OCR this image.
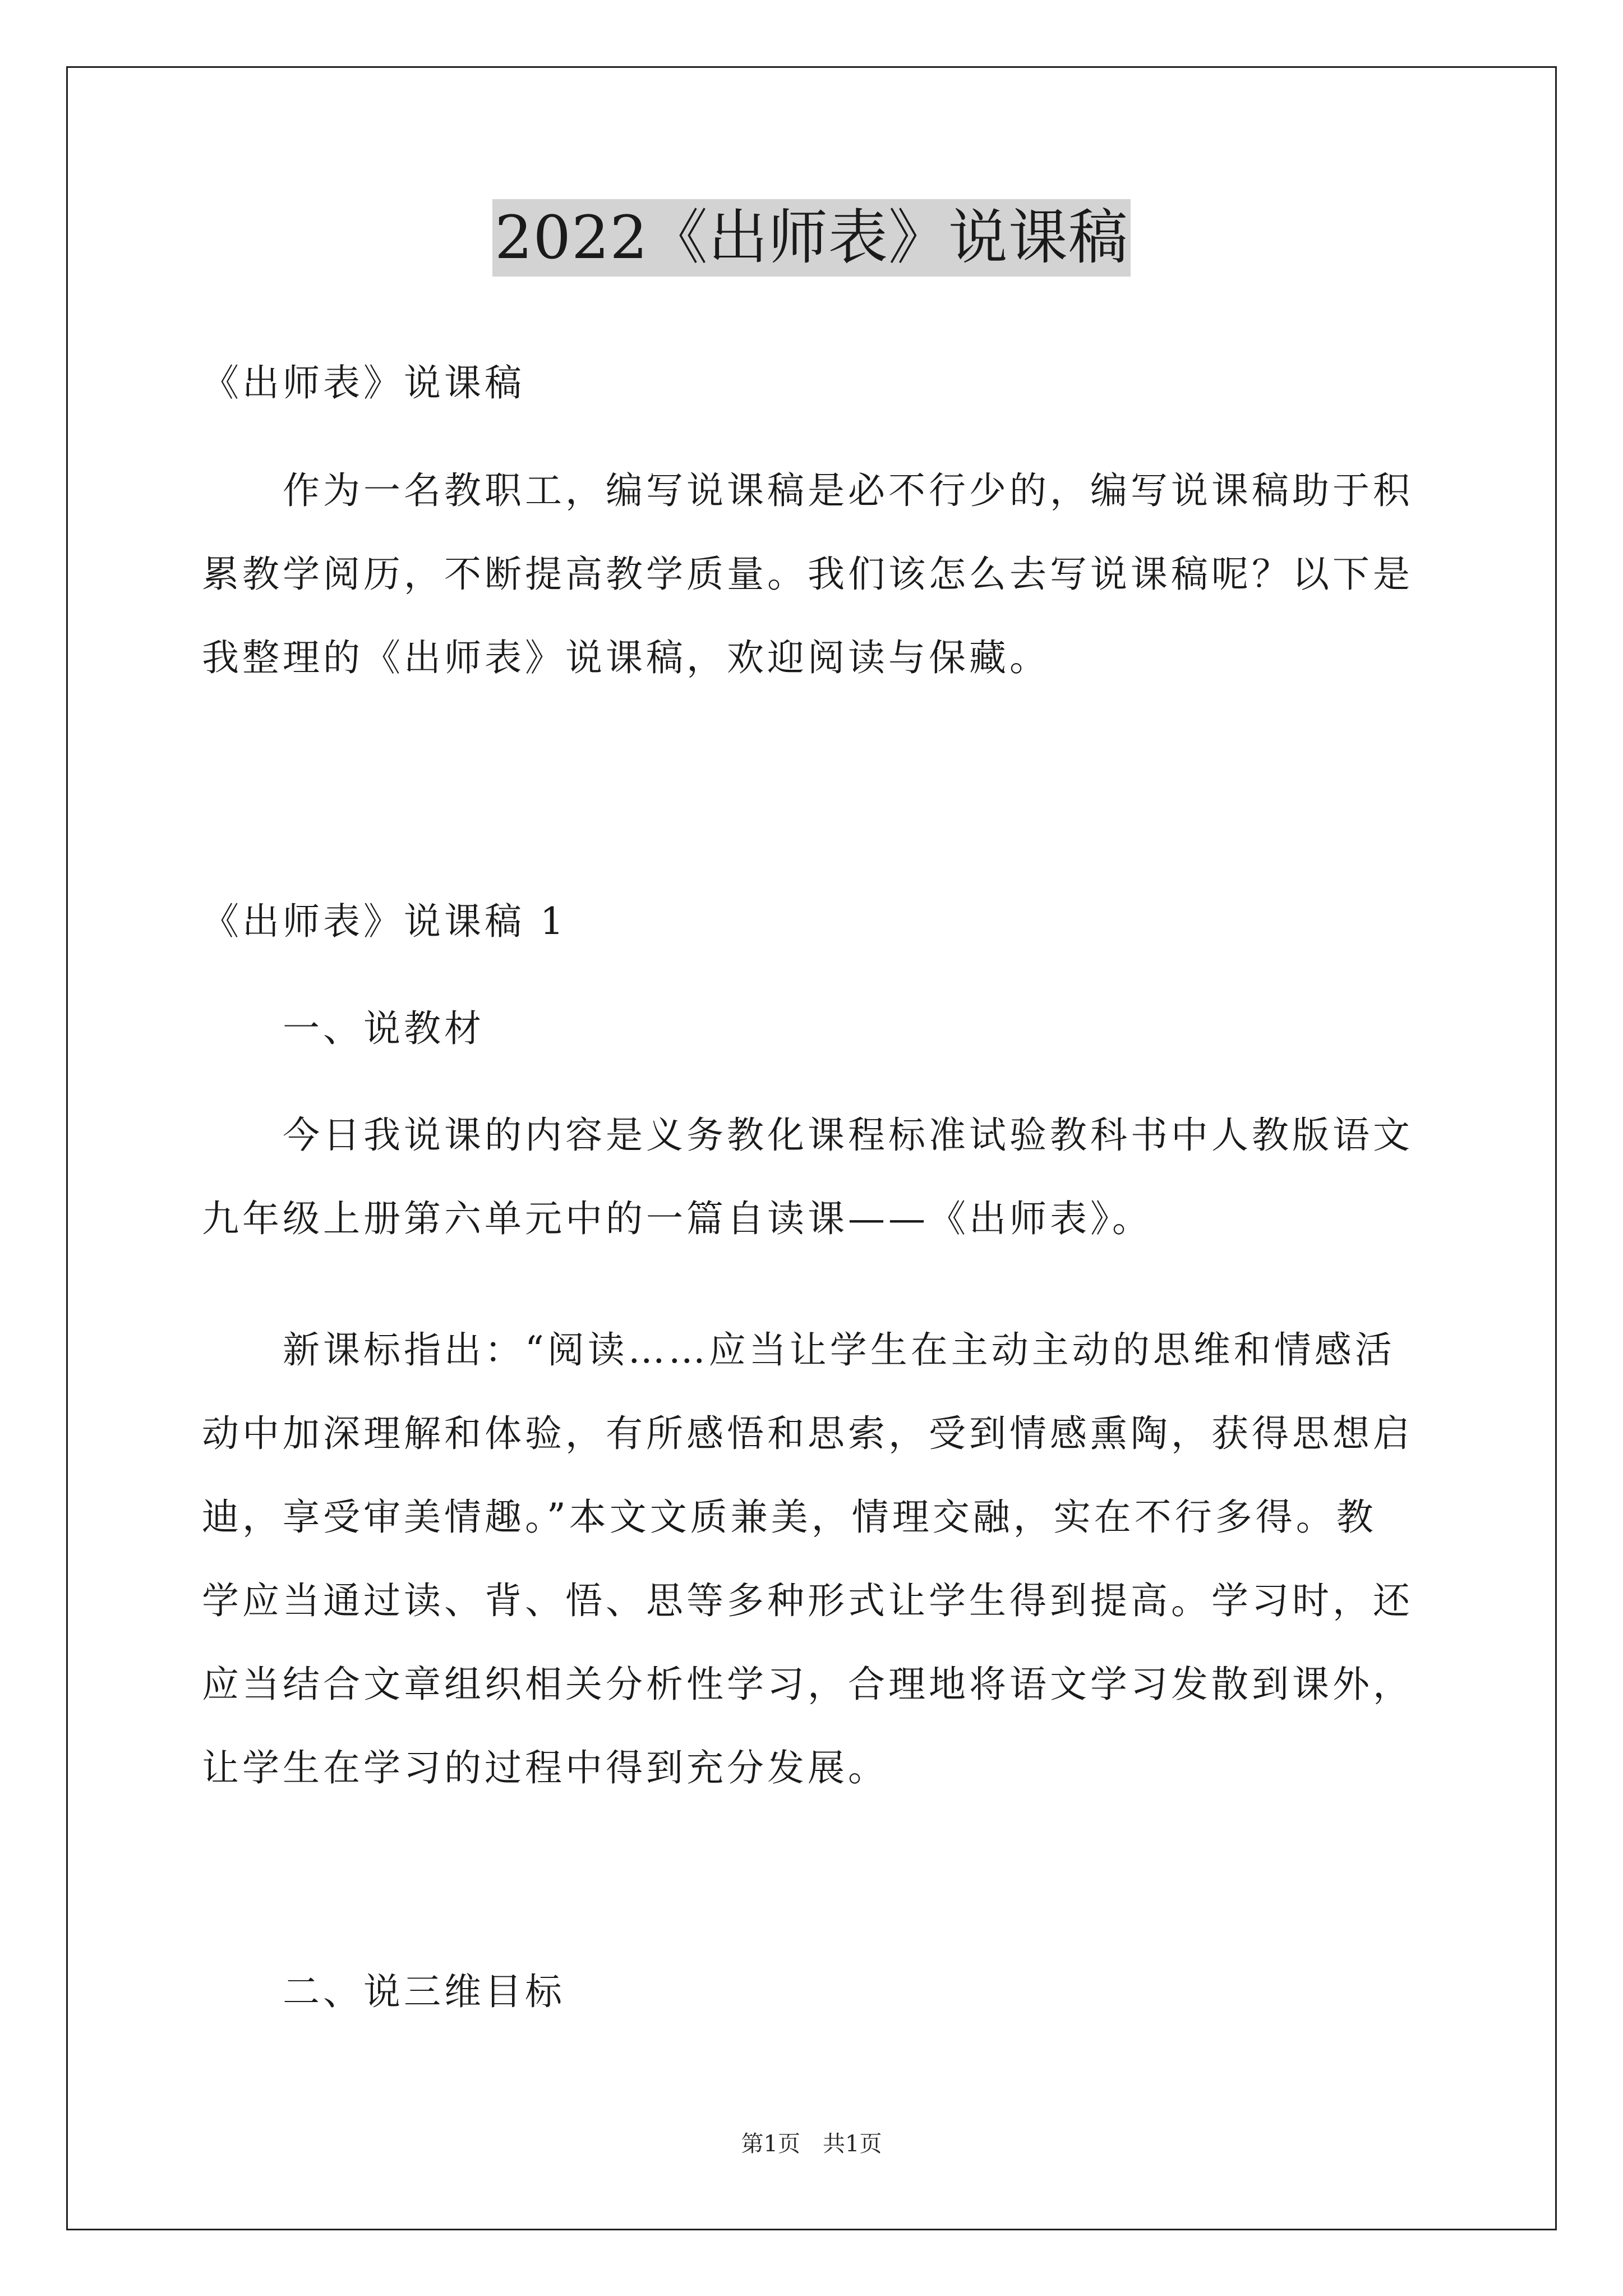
2022《出师表》说课稿
《出师表》说课稿
　　作为一名教职工，编写说课稿是必不行少的，编写说课稿助于积
累教学阅历，不断提高教学质量。我们该怎么去写说课稿呢？以下是
我整理的《出师表》说课稿，欢迎阅读与保藏。
《出师表》说课稿 1
　　一、说教材
　　今日我说课的内容是义务教化课程标准试验教科书中人教版语文
九年级上册第六单元中的一篇自读课——《出师表》。
　　新课标指出：“阅读……应当让学生在主动主动的思维和情感活
动中加深理解和体验，有所感悟和思索，受到情感熏陶，获得思想启
迪，享受审美情趣。”本文文质兼美，情理交融，实在不行多得。教
学应当通过读、背、悟、思等多种形式让学生得到提高。学习时，还
应当结合文章组织相关分析性学习，合理地将语文学习发散到课外，
让学生在学习的过程中得到充分发展。
　　二、说三维目标
第1页　共1页
